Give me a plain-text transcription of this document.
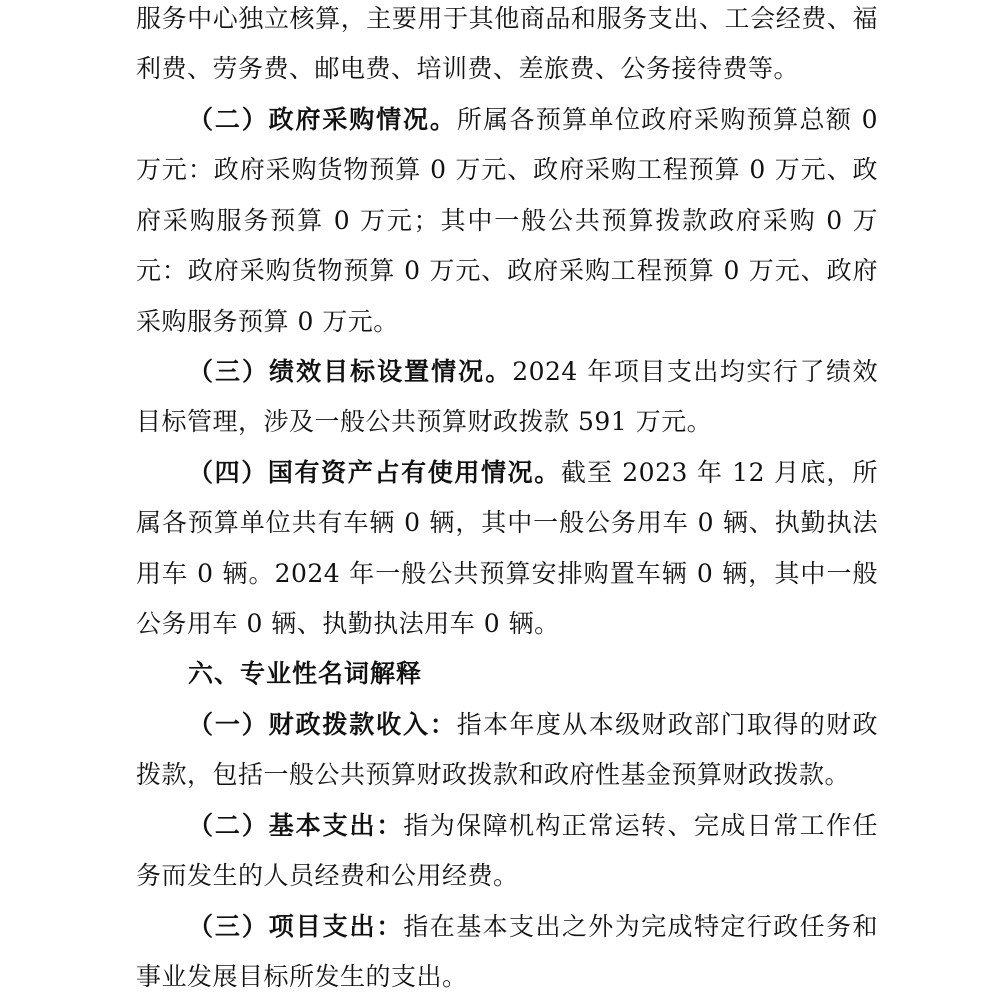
服务中心独立核算，主要用于其他商品和服务支出、工会经费、福利费、劳务费、邮电费、培训费、差旅费、公务接待费等。

（二）政府采购情况。所属各预算单位政府采购预算总额 0 万元：政府采购货物预算 0 万元、政府采购工程预算 0 万元、政府采购服务预算 0 万元；其中一般公共预算拨款政府采购 0 万元：政府采购货物预算 0 万元、政府采购工程预算 0 万元、政府采购服务预算 0 万元。

（三）绩效目标设置情况。2024 年项目支出均实行了绩效目标管理，涉及一般公共预算财政拨款 591 万元。

（四）国有资产占有使用情况。截至 2023 年 12 月底，所属各预算单位共有车辆 0 辆，其中一般公务用车 0 辆、执勤执法用车 0 辆。2024 年一般公共预算安排购置车辆 0 辆，其中一般公务用车 0 辆、执勤执法用车 0 辆。

六、专业性名词解释

（一）财政拨款收入：指本年度从本级财政部门取得的财政拨款，包括一般公共预算财政拨款和政府性基金预算财政拨款。

（二）基本支出：指为保障机构正常运转、完成日常工作任务而发生的人员经费和公用经费。

（三）项目支出：指在基本支出之外为完成特定行政任务和事业发展目标所发生的支出。
